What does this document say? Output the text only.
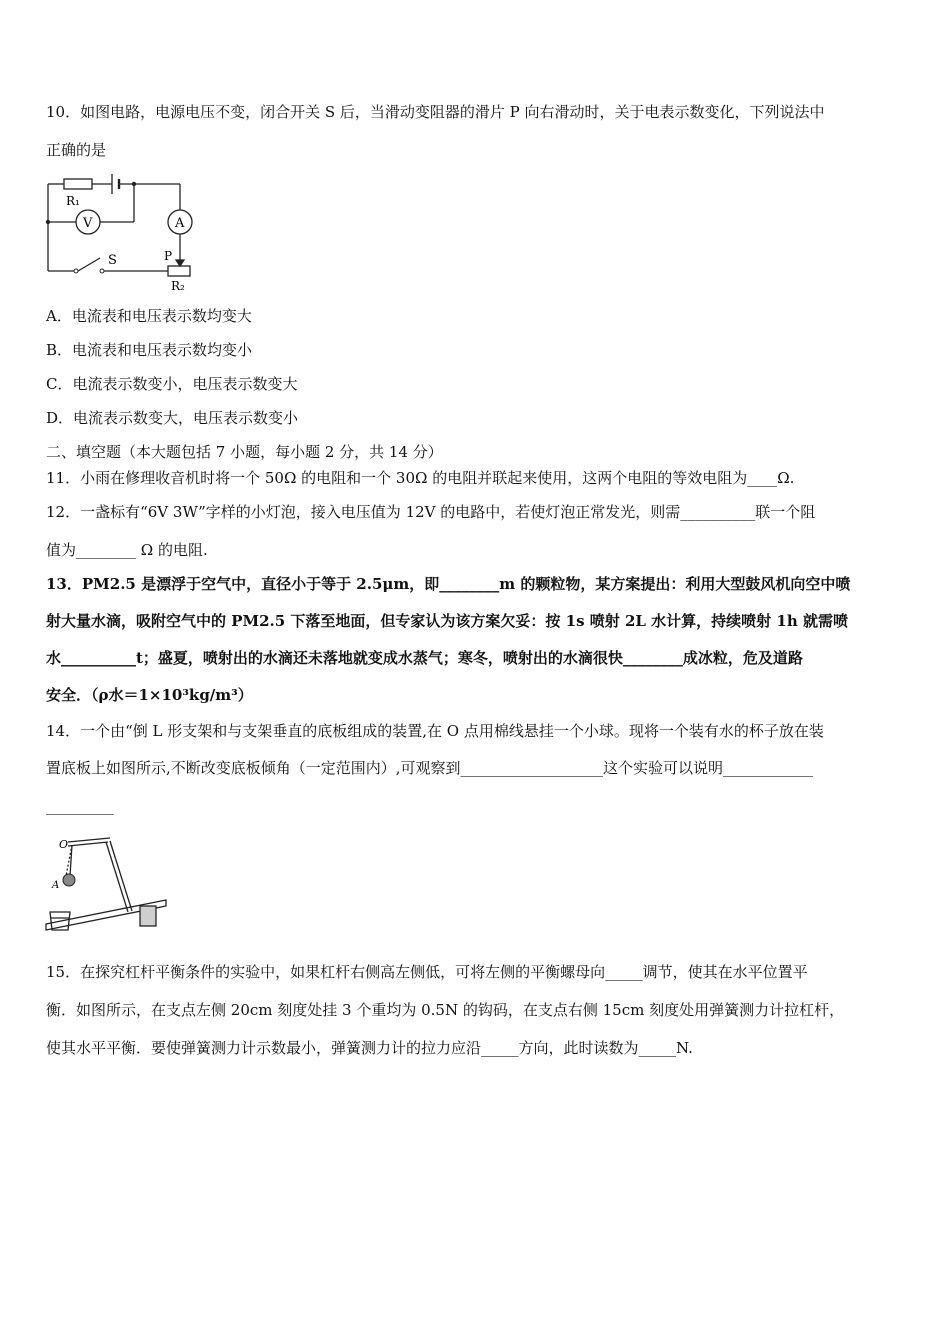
10．如图电路，电源电压不变，闭合开关 S 后，当滑动变阻器的滑片 P 向右滑动时，关于电表示数变化，下列说法中
正确的是
R₁
V	A
S	P
R₂
A．电流表和电压表示数均变大
B．电流表和电压表示数均变小
C．电流表示数变小，电压表示数变大
D．电流表示数变大，电压表示数变小
二、填空题（本大题包括 7 小题，每小题 2 分，共 14 分）
11．小雨在修理收音机时将一个 50Ω 的电阻和一个 30Ω 的电阻并联起来使用，这两个电阻的等效电阻为____Ω.
12．一盏标有“6V 3W”字样的小灯泡，接入电压值为 12V 的电路中，若使灯泡正常发光，则需__________联一个阻
值为________ Ω 的电阻.
13．PM2.5 是漂浮于空气中，直径小于等于 2.5μm，即________m 的颗粒物，某方案提出：利用大型鼓风机向空中喷
射大量水滴，吸附空气中的 PM2.5 下落至地面，但专家认为该方案欠妥：按 1s 喷射 2L 水计算，持续喷射 1h 就需喷
水__________t；盛夏，喷射出的水滴还未落地就变成水蒸气；寒冬，喷射出的水滴很快________成冰粒，危及道路
安全．（ρ水＝1×10³kg/m³）
14．一个由“倒 L 形支架和与支架垂直的底板组成的装置,在 O 点用棉线悬挂一个小球。现将一个装有水的杯子放在装
置底板上如图所示,不断改变底板倾角（一定范围内）,可观察到___________________这个实验可以说明____________
_________
O
A
15．在探究杠杆平衡条件的实验中，如果杠杆右侧高左侧低，可将左侧的平衡螺母向_____调节，使其在水平位置平
衡．如图所示，在支点左侧 20cm 刻度处挂 3 个重均为 0.5N 的钩码，在支点右侧 15cm 刻度处用弹簧测力计拉杠杆，
使其水平平衡．要使弹簧测力计示数最小，弹簧测力计的拉力应沿_____方向，此时读数为_____N.
